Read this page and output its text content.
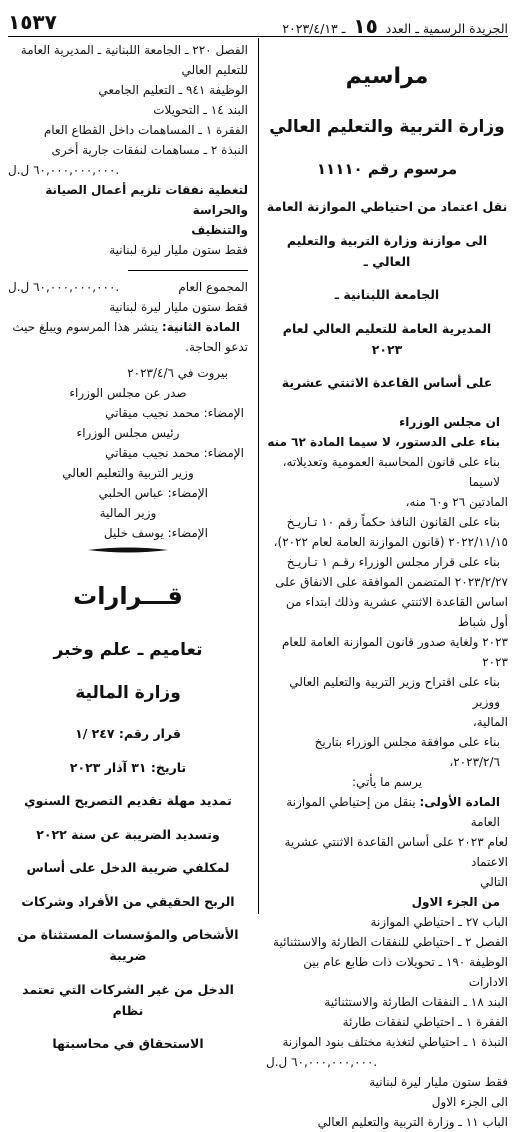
الجريدة الرسمية ـ العدد ١٥ ـ ٢٠٢٣/٤/١٣
١٥٣٧

مراسيم

وزارة التربية والتعليم العالي

مرسوم رقم ١١١١٠

نقل اعتماد من احتياطي الموازنة العامة

الى موازنة وزارة التربية والتعليم العالي ـ

الجامعة اللبنانية ـ

المديرية العامة للتعليم العالي لعام ٢٠٢٣

على أساس القاعدة الاثنتي عشرية

ان مجلس الوزراء

بناء على الدستور، لا سيما المادة ٦٢ منه

بناء على قانون المحاسبة العمومية وتعديلاته، لاسيما

المادتين ٢٦ و٦٠ منه،

بناء على القانون النافذ حكماً رقم ١٠ تـاريـخ

٢٠٢٢/١١/١٥ (قانون الموازنة العامة لعام ٢٠٢٢)،

بناء على قرار مجلس الوزراء رقـم ١ تـاريـخ

٢٠٢٣/٢/٢٧ المتضمن الموافقة على الانفاق على

اساس القاعدة الاثنتي عشرية وذلك ابتداء من أول شباط

٢٠٢٣ ولغاية صدور قانون الموازنة العامة للعام ٢٠٢٣

بناء على اقتراح وزير التربية والتعليم العالي ووزير

المالية،

بناء على موافقة مجلس الوزراء بتاريخ ٢٠٢٣/٢/٦،

يرسم ما يأتي:

المادة الأولى: ينقل من إحتياطي الموازنة العامة

لعام ٢٠٢٣ على أساس القاعدة الاثنتي عشرية الاعتماد

التالي

من الجزء الاول

الباب ٢٧ ـ احتياطي الموازنة

الفصل ٢ ـ احتياطي للنفقات الطارئة والاستثنائية

الوظيفة ١٩٠ ـ تحويلات ذات طابع عام بين

الادارات

البند ١٨ ـ النفقات الطارئة والاستثنائية

الفقرة ١ ـ احتياطي لنفقات طارئة

النبذة ١ ـ احتياطي لتغذية مختلف بنود الموازنة

٦٠,٠٠٠,٠٠٠,٠٠٠ ل.ل.

فقط ستون مليار ليرة لبنانية

الى الجزء الاول

الباب ١١ ـ وزارة التربية والتعليم العالي

الفصل ٢٢٠ ـ الجامعة اللبنانية ـ المديرية العامة

للتعليم العالي

الوظيفة ٩٤١ ـ التعليم الجامعي

البند ١٤ ـ التحويلات

الفقرة ١ ـ المساهمات داخل القطاع العام

النبذة ٢ ـ مساهمات لنفقات جارية أخرى

٦٠,٠٠٠,٠٠٠,٠٠٠ ل.ل.

لتغطية نفقات تلزيم أعمال الصيانة والحراسة

والتنظيف

فقط ستون مليار ليرة لبنانية

المجموع العام
٦٠,٠٠٠,٠٠٠,٠٠٠ ل.ل.

فقط ستون مليار ليرة لبنانية

المادة الثانية: ينشر هذا المرسوم ويبلغ حيث

تدعو الحاجة.

بيروت في ٢٠٢٣/٤/٦

صدر عن مجلس الوزراء

الإمضاء: محمد نجيب ميقاتي

رئيس مجلس الوزراء

الإمضاء: محمد نجيب ميقاتي

وزير التربية والتعليم العالي

الإمضاء: عباس الحلبي

وزير المالية

الإمضاء: يوسف خليل

قـــرارات

تعاميم ـ علم وخبر

وزارة المالية

قرار رقم: ٢٤٧ /١

تاريخ: ٣١ آذار ٢٠٢٣

تمديد مهلة تقديم التصريح السنوي

وتسديد الضريبة عن سنة ٢٠٢٢

لمكلفي ضريبة الدخل على أساس

الربح الحقيقي من الأفراد وشركات

الأشخاص والمؤسسات المستثناة من ضريبة

الدخل من غير الشركات التي تعتمد نظام

الاستحقاق في محاسبتها
